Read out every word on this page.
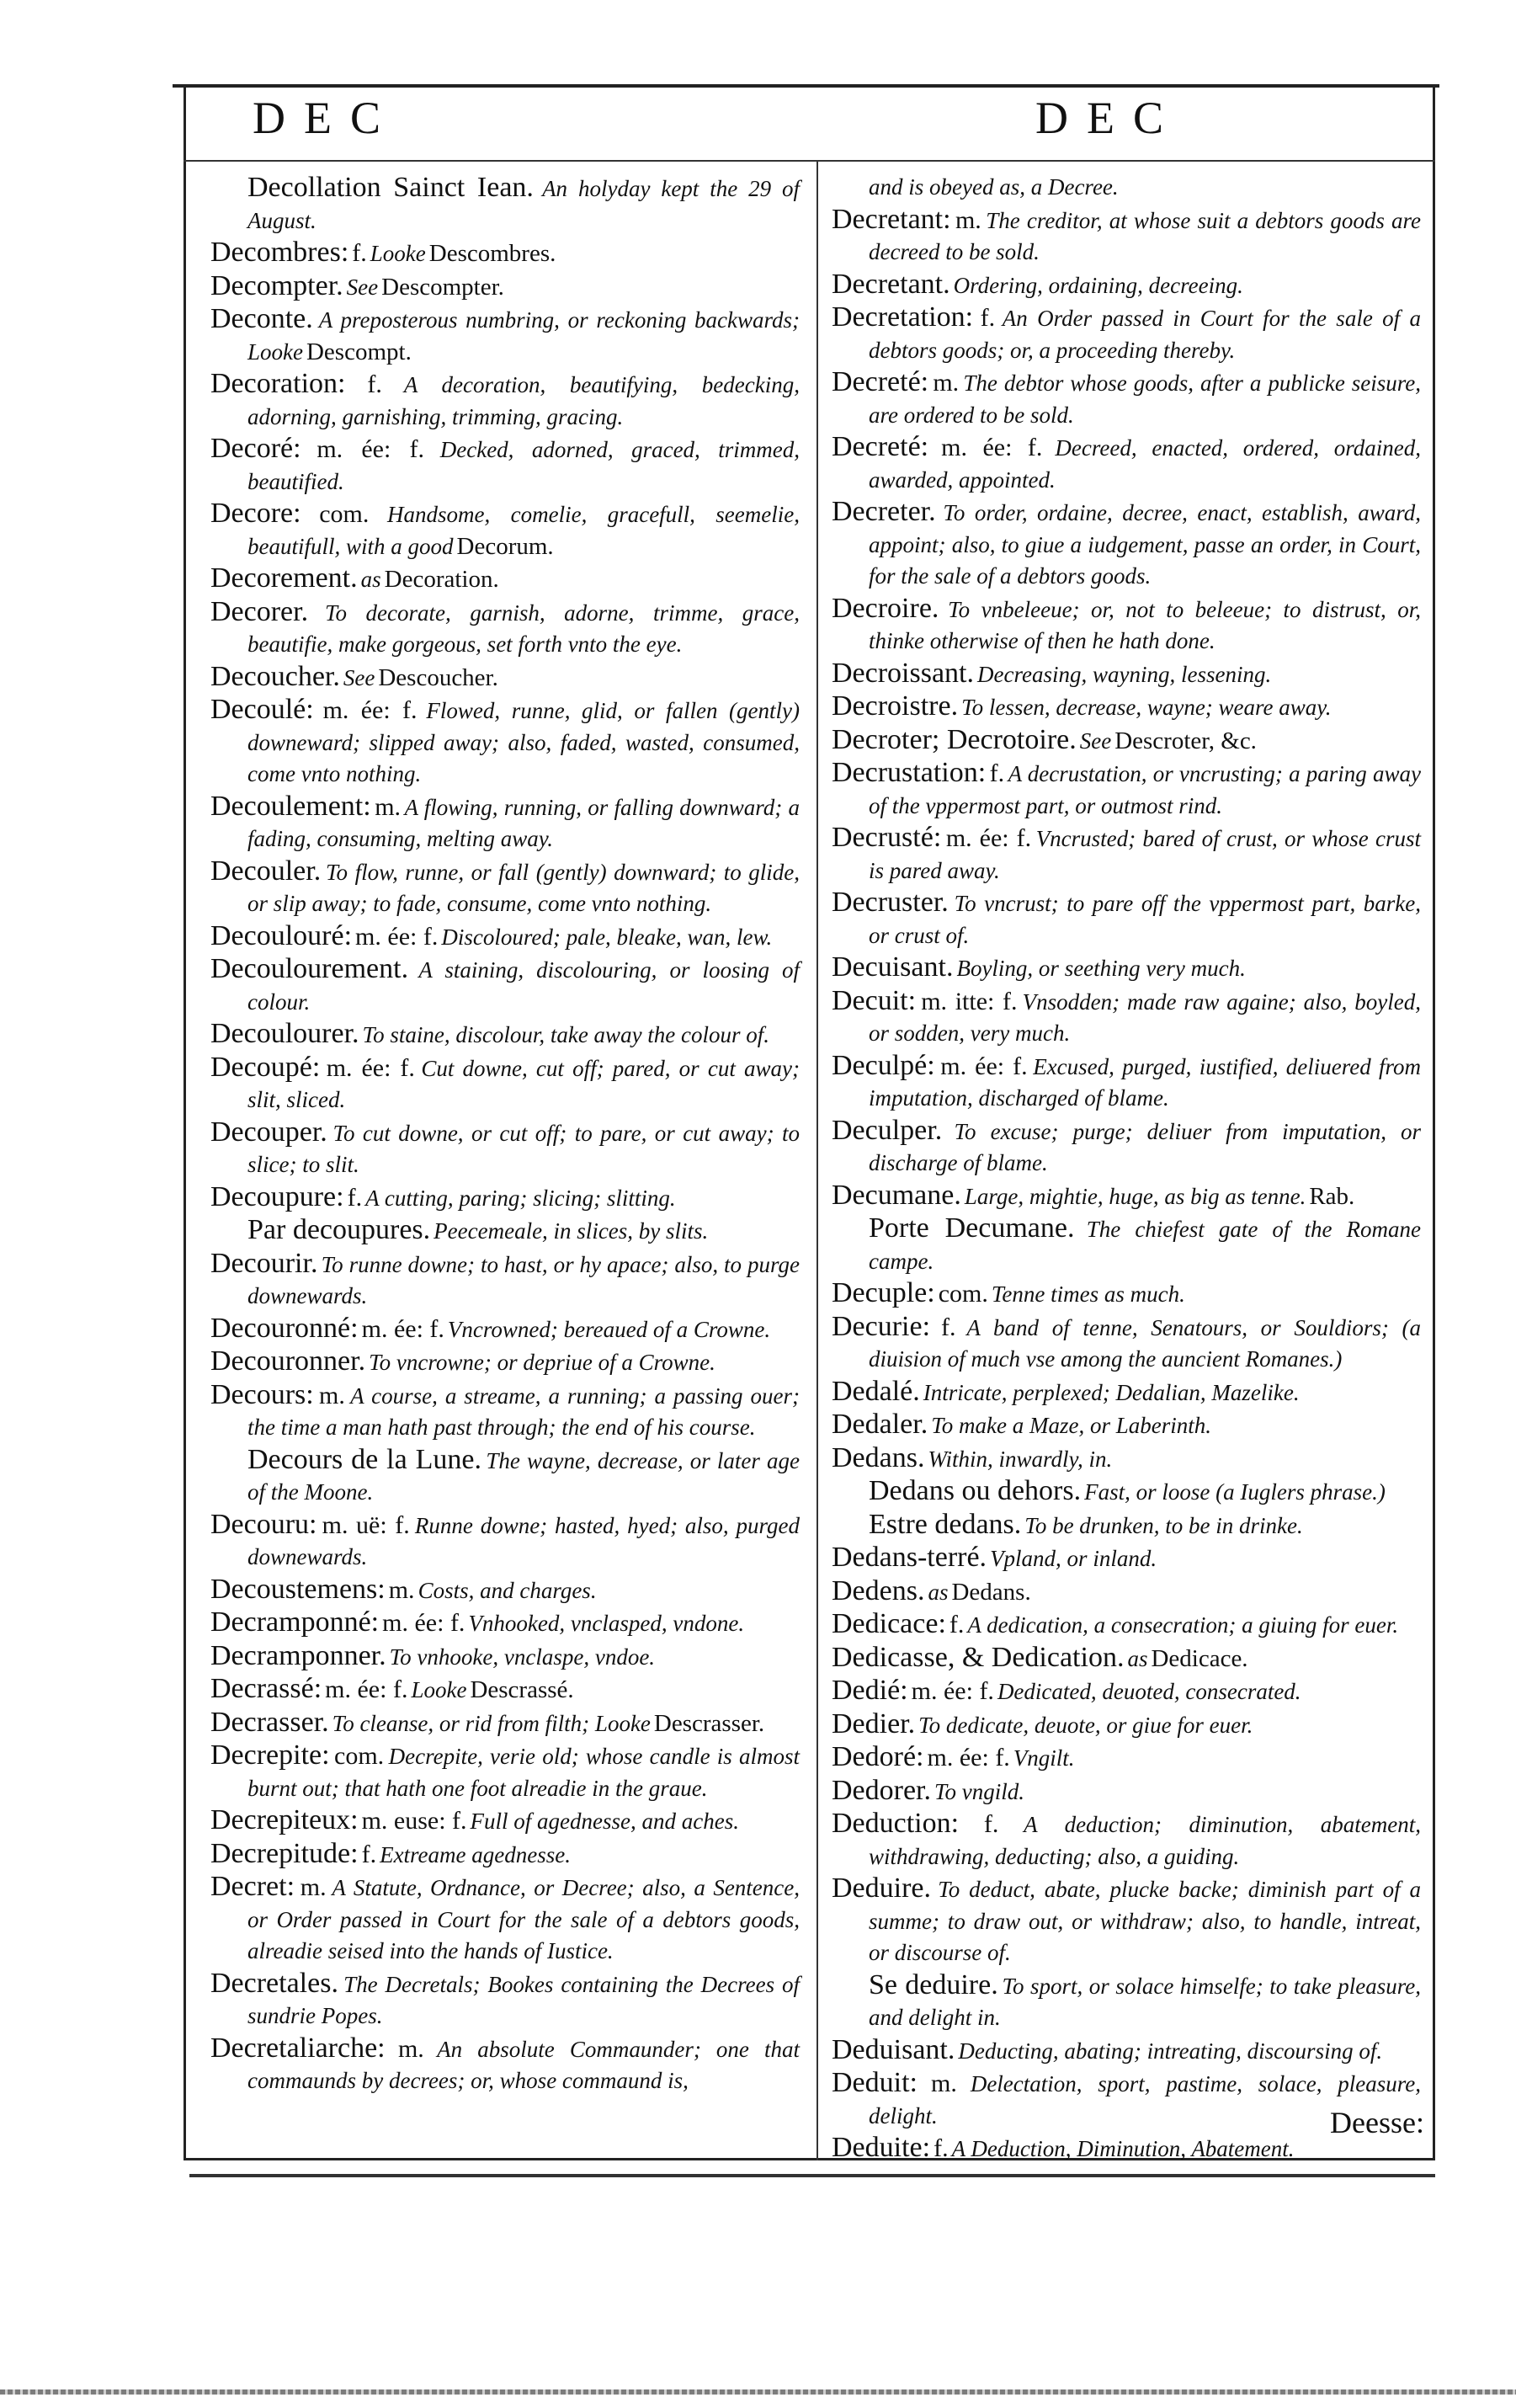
DEC	DEC
Decollation Sainct Iean. An holyday kept the 29 of August.
Decombres: f. Looke Descombres.
Decompter. See Descompter.
Deconte. A preposterous numbring, or reckoning backwards; Looke Descompt.
Decoration: f. A decoration, beautifying, bedecking, adorning, garnishing, trimming, gracing.
Decoré: m. ée: f. Decked, adorned, graced, trimmed, beautified.
Decore: com. Handsome, comelie, gracefull, seemelie, beautifull, with a good Decorum.
Decorement. as Decoration.
Decorer. To decorate, garnish, adorne, trimme, grace, beautifie, make gorgeous, set forth vnto the eye.
Decoucher. See Descoucher.
Decoulé: m. ée: f. Flowed, runne, glid, or fallen (gently) downeward; slipped away; also, faded, wasted, consumed, come vnto nothing.
Decoulement: m. A flowing, running, or falling downward; a fading, consuming, melting away.
Decouler. To flow, runne, or fall (gently) downward; to glide, or slip away; to fade, consume, come vnto nothing.
Decoulouré: m. ée: f. Discoloured; pale, bleake, wan, lew.
Decoulourement. A staining, discolouring, or loosing of colour.
Decoulourer. To staine, discolour, take away the colour of.
Decoupé: m. ée: f. Cut downe, cut off; pared, or cut away; slit, sliced.
Decouper. To cut downe, or cut off; to pare, or cut away; to slice; to slit.
Decoupure: f. A cutting, paring; slicing; slitting.
Par decoupures. Peecemeale, in slices, by slits.
Decourir. To runne downe; to hast, or hy apace; also, to purge downewards.
Decouronné: m. ée: f. Vncrowned; bereaued of a Crowne.
Decouronner. To vncrowne; or depriue of a Crowne.
Decours: m. A course, a streame, a running; a passing ouer; the time a man hath past through; the end of his course.
Decours de la Lune. The wayne, decrease, or later age of the Moone.
Decouru: m. uë: f. Runne downe; hasted, hyed; also, purged downewards.
Decoustemens: m. Costs, and charges.
Decramponné: m. ée: f. Vnhooked, vnclasped, vndone.
Decramponner. To vnhooke, vnclaspe, vndoe.
Decrassé: m. ée: f. Looke Descrassé.
Decrasser. To cleanse, or rid from filth; Looke Descrasser.
Decrepite: com. Decrepite, verie old; whose candle is almost burnt out; that hath one foot alreadie in the graue.
Decrepiteux: m. euse: f. Full of agednesse, and aches.
Decrepitude: f. Extreame agednesse.
Decret: m. A Statute, Ordnance, or Decree; also, a Sentence, or Order passed in Court for the sale of a debtors goods, alreadie seised into the hands of Iustice.
Decretales. The Decretals; Bookes containing the Decrees of sundrie Popes.
Decretaliarche: m. An absolute Commaunder; one that commaunds by decrees; or, whose commaund is,
and is obeyed as, a Decree.
Decretant: m. The creditor, at whose suit a debtors goods are decreed to be sold.
Decretant. Ordering, ordaining, decreeing.
Decretation: f. An Order passed in Court for the sale of a debtors goods; or, a proceeding thereby.
Decreté: m. The debtor whose goods, after a publicke seisure, are ordered to be sold.
Decreté: m. ée: f. Decreed, enacted, ordered, ordained, awarded, appointed.
Decreter. To order, ordaine, decree, enact, establish, award, appoint; also, to giue a iudgement, passe an order, in Court, for the sale of a debtors goods.
Decroire. To vnbeleeue; or, not to beleeue; to distrust, or, thinke otherwise of then he hath done.
Decroissant. Decreasing, wayning, lessening.
Decroistre. To lessen, decrease, wayne; weare away.
Decroter; Decrotoire. See Descroter, &c.
Decrustation: f. A decrustation, or vncrusting; a paring away of the vppermost part, or outmost rind.
Decrusté: m. ée: f. Vncrusted; bared of crust, or whose crust is pared away.
Decruster. To vncrust; to pare off the vppermost part, barke, or crust of.
Decuisant. Boyling, or seething very much.
Decuit: m. itte: f. Vnsodden; made raw againe; also, boyled, or sodden, very much.
Deculpé: m. ée: f. Excused, purged, iustified, deliuered from imputation, discharged of blame.
Deculper. To excuse; purge; deliuer from imputation, or discharge of blame.
Decumane. Large, mightie, huge, as big as tenne. Rab.
Porte Decumane. The chiefest gate of the Romane campe.
Decuple: com. Tenne times as much.
Decurie: f. A band of tenne, Senatours, or Souldiors; (a diuision of much vse among the auncient Romanes.)
Dedalé. Intricate, perplexed; Dedalian, Mazelike.
Dedaler. To make a Maze, or Laberinth.
Dedans. Within, inwardly, in.
Dedans ou dehors. Fast, or loose (a Iuglers phrase.)
Estre dedans. To be drunken, to be in drinke.
Dedans-terré. Vpland, or inland.
Dedens. as Dedans.
Dedicace: f. A dedication, a consecration; a giuing for euer.
Dedicasse, & Dedication. as Dedicace.
Dedié: m. ée: f. Dedicated, deuoted, consecrated.
Dedier. To dedicate, deuote, or giue for euer.
Dedoré: m. ée: f. Vngilt.
Dedorer. To vngild.
Deduction: f. A deduction; diminution, abatement, withdrawing, deducting; also, a guiding.
Deduire. To deduct, abate, plucke backe; diminish part of a summe; to draw out, or withdraw; also, to handle, intreat, or discourse of.
Se deduire. To sport, or solace himselfe; to take pleasure, and delight in.
Deduisant. Deducting, abating; intreating, discoursing of.
Deduit: m. Delectation, sport, pastime, solace, pleasure, delight.
Deduite: f. A Deduction, Diminution, Abatement.
Deesse:
